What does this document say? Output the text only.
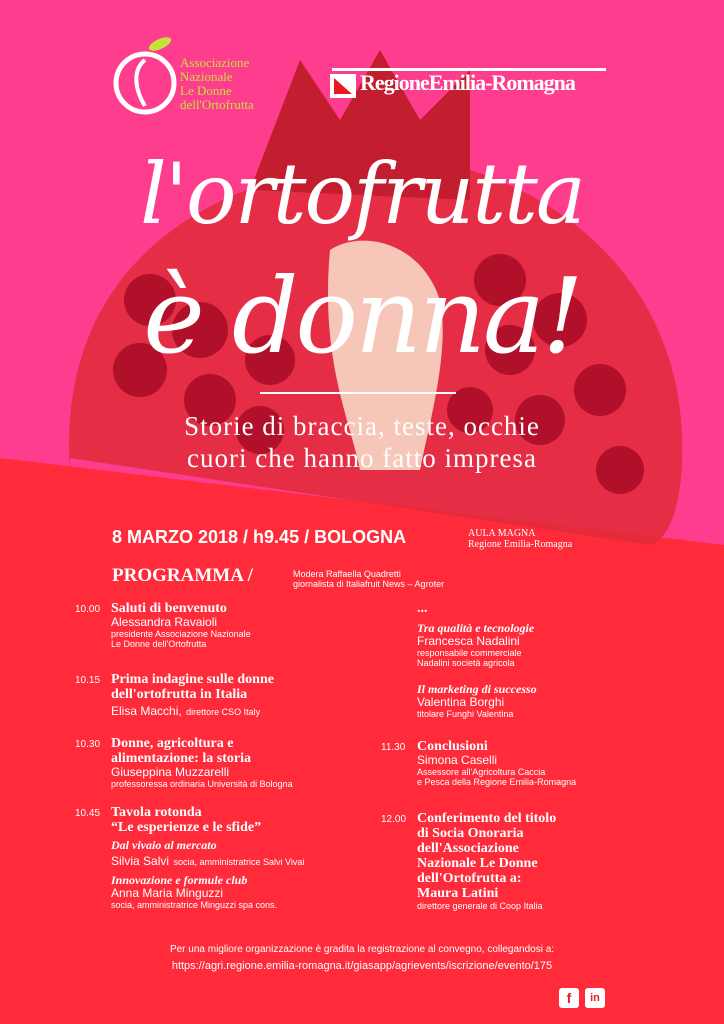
Associazione
Nazionale
Le Donne
dell'Ortofrutta
RegioneEmilia-Romagna
l'ortofrutta
è donna!
Storie di braccia, teste, occhie
cuori che hanno fatto impresa
8 MARZO 2018 / h9.45 / BOLOGNA	AULA MAGNA
Regione Emilia-Romagna
PROGRAMMA /	Modera Raffaella Quadretti
giornalista di Italiafruit News – Agroter
10.00 Saluti di benvenuto
Alessandra Ravaioli
presidente Associazione Nazionale
Le Donne dell'Ortofrutta
10.15 Prima indagine sulle donne
dell'ortofrutta in Italia
Elisa Macchi, direttore CSO Italy
10.30 Donne, agricoltura e
alimentazione: la storia
Giuseppina Muzzarelli
professoressa ordinaria Università di Bologna
10.45 Tavola rotonda
“Le esperienze e le sfide”
Dal vivaio al mercato
Silvia Salvi socia, amministratrice Salvi Vivai
Innovazione e formule club
Anna Maria Minguzzi
socia, amministratrice Minguzzi spa cons.
...
Tra qualità e tecnologie
Francesca Nadalini
responsabile commerciale
Nadalini società agricola
Il marketing di successo
Valentina Borghi
titolare Funghi Valentina
11.30 Conclusioni
Simona Caselli
Assessore all'Agricoltura Caccia
e Pesca della Regione Emilia-Romagna
12.00 Conferimento del titolo
di Socia Onoraria
dell'Associazione
Nazionale Le Donne
dell'Ortofrutta a:
Maura Latini
direttore generale di Coop Italia
Per una migliore organizzazione è gradita la registrazione al convegno, collegandosi a:
https://agri.regione.emilia-romagna.it/giasapp/agrievents/iscrizione/evento/175
f	in
